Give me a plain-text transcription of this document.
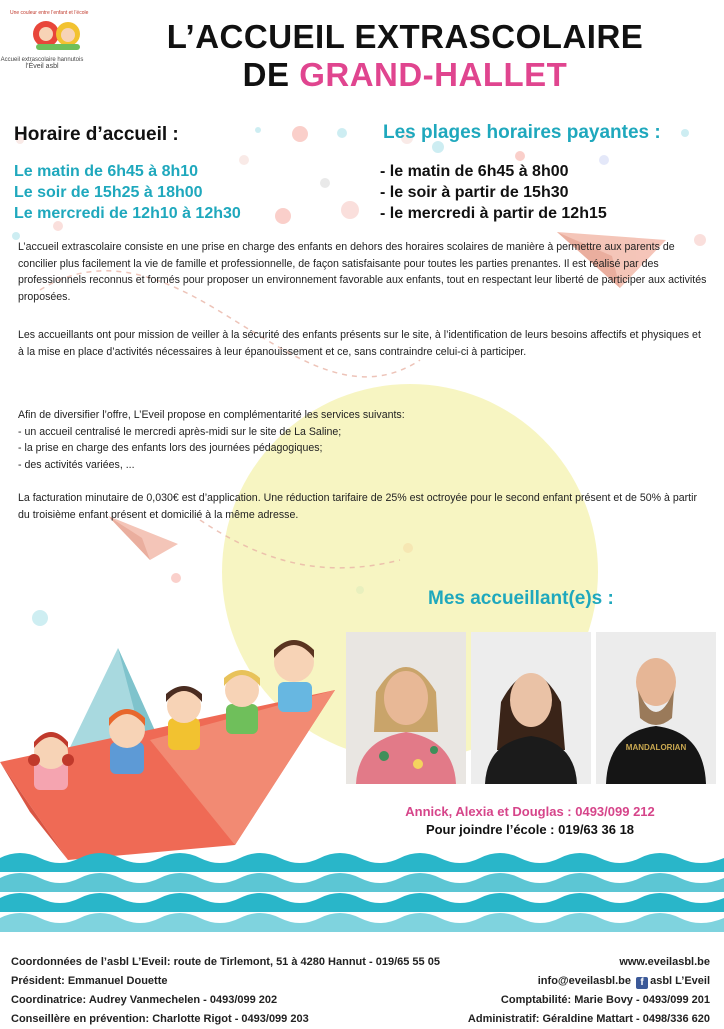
Une couleur entre l’enfant et l’école
Accueil extrascolaire hannutois
l’Éveil asbl
L’ACCUEIL EXTRASCOLAIRE
DE GRAND-HALLET
Horaire d’accueil :	Les plages horaires payantes :
Le matin de 6h45 à 8h10
Le soir de 15h25 à 18h00
Le mercredi de 12h10 à 12h30
- le matin de 6h45 à 8h00
- le soir à partir de 15h30
- le mercredi à partir de 12h15
L’accueil extrascolaire consiste en une prise en charge des enfants en dehors des horaires scolaires de manière à permettre aux parents de concilier plus facilement la vie de famille et professionnelle, de façon satisfaisante pour toutes les parties prenantes. Il est réalisé par des professionnels reconnus et formés pour proposer un environnement favorable aux enfants, tout en respectant leur liberté de participer aux activités proposées.
Les accueillants ont pour mission de veiller à la sécurité des enfants présents sur le site, à l’identification de leurs besoins affectifs et physiques et à la mise en place d’activités nécessaires à leur épanouissement et ce, sans contraindre celui-ci à participer.
Afin de diversifier l’offre, L’Eveil propose en complémentarité les services suivants:
- un accueil centralisé le mercredi après-midi sur le site de La Saline;
- la prise en charge des enfants lors des journées pédagogiques;
- des activités variées, ...
La facturation minutaire de 0,030€ est d’application. Une réduction tarifaire de 25% est octroyée pour le second enfant présent et de 50% à partir du troisième enfant présent et domicilié à la même adresse.
Mes accueillant(e)s :
MANDALORIAN
Annick, Alexia et Douglas : 0493/099 212
Pour joindre l’école : 019/63 36 18
Coordonnées de l’asbl L’Eveil: route de Tirlemont, 51 à 4280 Hannut - 019/65 55 05
Président: Emmanuel Douette
Coordinatrice: Audrey Vanmechelen - 0493/099 202
Conseillère en prévention: Charlotte Rigot - 0493/099 203
www.eveilasbl.be
info@eveilasbl.be f asbl L’Eveil
Comptabilité: Marie Bovy - 0493/099 201
Administratif: Géraldine Mattart - 0498/336 620
